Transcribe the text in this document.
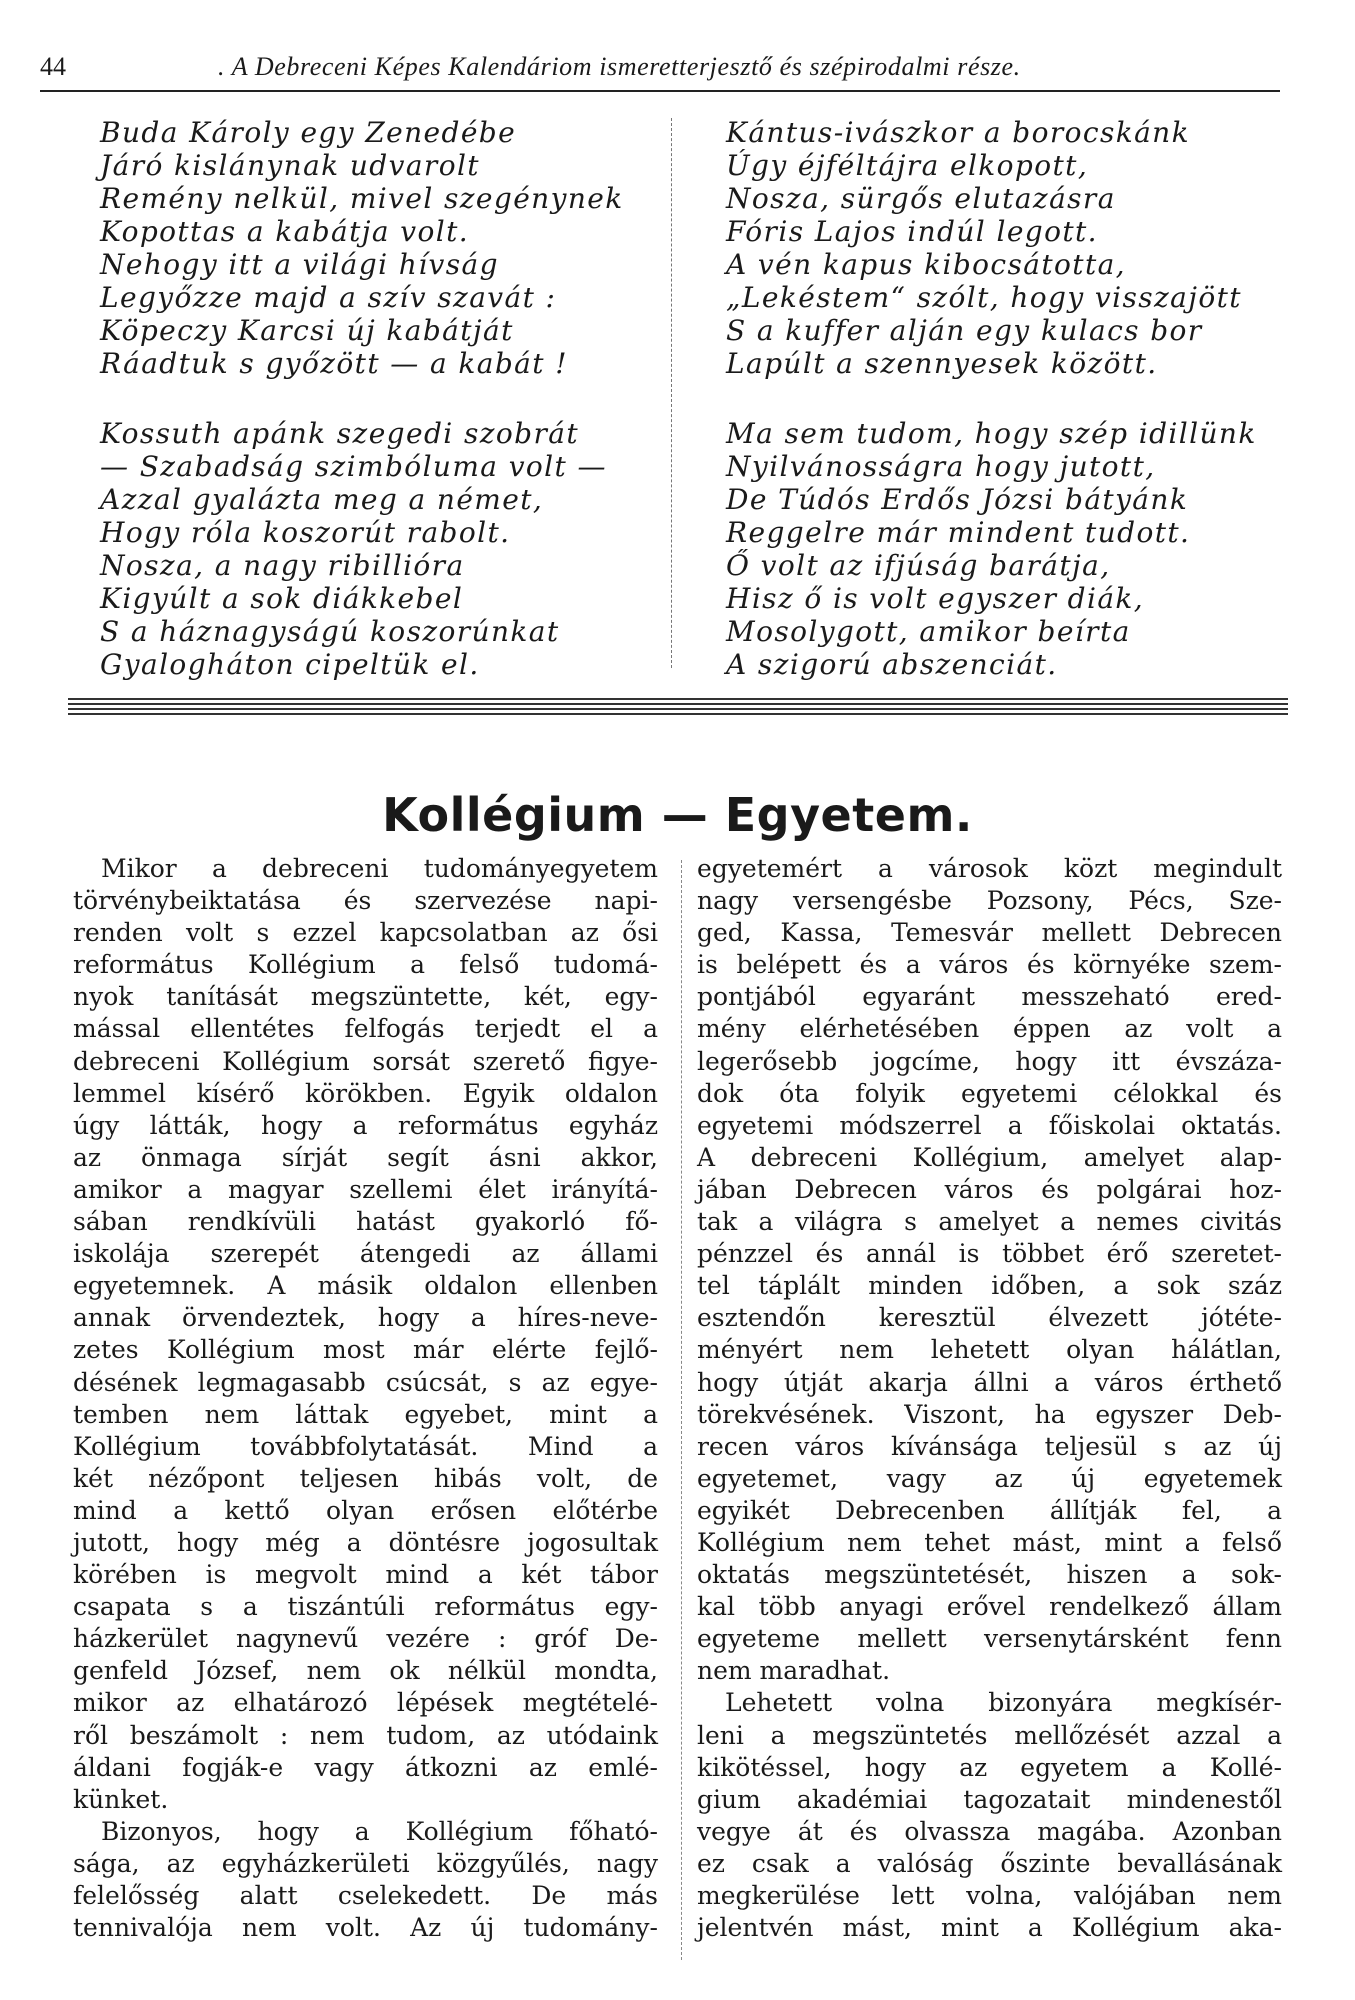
44	. A Debreceni Képes Kalendáriom ismeretterjesztő és szépirodalmi része.
Buda Károly egy Zenedébe
Járó kislánynak udvarolt
Remény nelkül, mivel szegénynek
Kopottas a kabátja volt.
Nehogy itt a világi hívság
Legyőzze majd a szív szavát :
Köpeczy Karcsi új kabátját
Ráadtuk s győzött — a kabát !
Kossuth apánk szegedi szobrát
— Szabadság szimbóluma volt —
Azzal gyalázta meg a német,
Hogy róla koszorút rabolt.
Nosza, a nagy ribillióra
Kigyúlt a sok diákkebel
S a háznagyságú koszorúnkat
Gyalogháton cipeltük el.
Kántus-ivászkor a borocskánk
Úgy éjféltájra elkopott,
Nosza, sürgős elutazásra
Fóris Lajos indúl legott.
A vén kapus kibocsátotta,
„Lekéstem“ szólt, hogy visszajött
S a kuffer alján egy kulacs bor
Lapúlt a szennyesek között.
Ma sem tudom, hogy szép idillünk
Nyilvánosságra hogy jutott,
De Túdós Erdős Józsi bátyánk
Reggelre már mindent tudott.
Ő volt az ifjúság barátja,
Hisz ő is volt egyszer diák,
Mosolygott, amikor beírta
A szigorú abszenciát.
Kollégium — Egyetem.

Mikor a debreceni tudományegyetem
törvénybeiktatása és szervezése napi-
renden volt s ezzel kapcsolatban az ősi
református Kollégium a felső tudomá-
nyok tanítását megszüntette, két, egy-
mással ellentétes felfogás terjedt el a
debreceni Kollégium sorsát szerető figye-
lemmel kísérő körökben. Egyik oldalon
úgy látták, hogy a református egyház
az önmaga sírját segít ásni akkor,
amikor a magyar szellemi élet irányítá-
sában rendkívüli hatást gyakorló fő-
iskolája szerepét átengedi az állami
egyetemnek. A másik oldalon ellenben
annak örvendeztek, hogy a híres-neve-
zetes Kollégium most már elérte fejlő-
désének legmagasabb csúcsát, s az egye-
temben nem láttak egyebet, mint a
Kollégium továbbfolytatását. Mind a
két nézőpont teljesen hibás volt, de
mind a kettő olyan erősen előtérbe
jutott, hogy még a döntésre jogosultak
körében is megvolt mind a két tábor
csapata s a tiszántúli református egy-
házkerület nagynevű vezére : gróf De-
genfeld József, nem ok nélkül mondta,
mikor az elhatározó lépések megtételé-
ről beszámolt : nem tudom, az utódaink
áldani fogják-e vagy átkozni az emlé-
künket.

Bizonyos, hogy a Kollégium főható-
sága, az egyházkerületi közgyűlés, nagy
felelősség alatt cselekedett. De más
tennivalója nem volt. Az új tudomány-

egyetemért a városok közt megindult
nagy versengésbe Pozsony, Pécs, Sze-
ged, Kassa, Temesvár mellett Debrecen
is belépett és a város és környéke szem-
pontjából egyaránt messzeható ered-
mény elérhetésében éppen az volt a
legerősebb jogcíme, hogy itt évszáza-
dok óta folyik egyetemi célokkal és
egyetemi módszerrel a főiskolai oktatás.
A debreceni Kollégium, amelyet alap-
jában Debrecen város és polgárai hoz-
tak a világra s amelyet a nemes civitás
pénzzel és annál is többet érő szeretet-
tel táplált minden időben, a sok száz
esztendőn keresztül élvezett jótéte-
ményért nem lehetett olyan hálátlan,
hogy útját akarja állni a város érthető
törekvésének. Viszont, ha egyszer Deb-
recen város kívánsága teljesül s az új
egyetemet, vagy az új egyetemek
egyikét Debrecenben állítják fel, a
Kollégium nem tehet mást, mint a felső
oktatás megszüntetését, hiszen a sok-
kal több anyagi erővel rendelkező állam
egyeteme mellett versenytársként fenn
nem maradhat.

Lehetett volna bizonyára megkísér-
leni a megszüntetés mellőzését azzal a
kikötéssel, hogy az egyetem a Kollé-
gium akadémiai tagozatait mindenestől
vegye át és olvassza magába. Azonban
ez csak a valóság őszinte bevallásának
megkerülése lett volna, valójában nem
jelentvén mást, mint a Kollégium aka-
